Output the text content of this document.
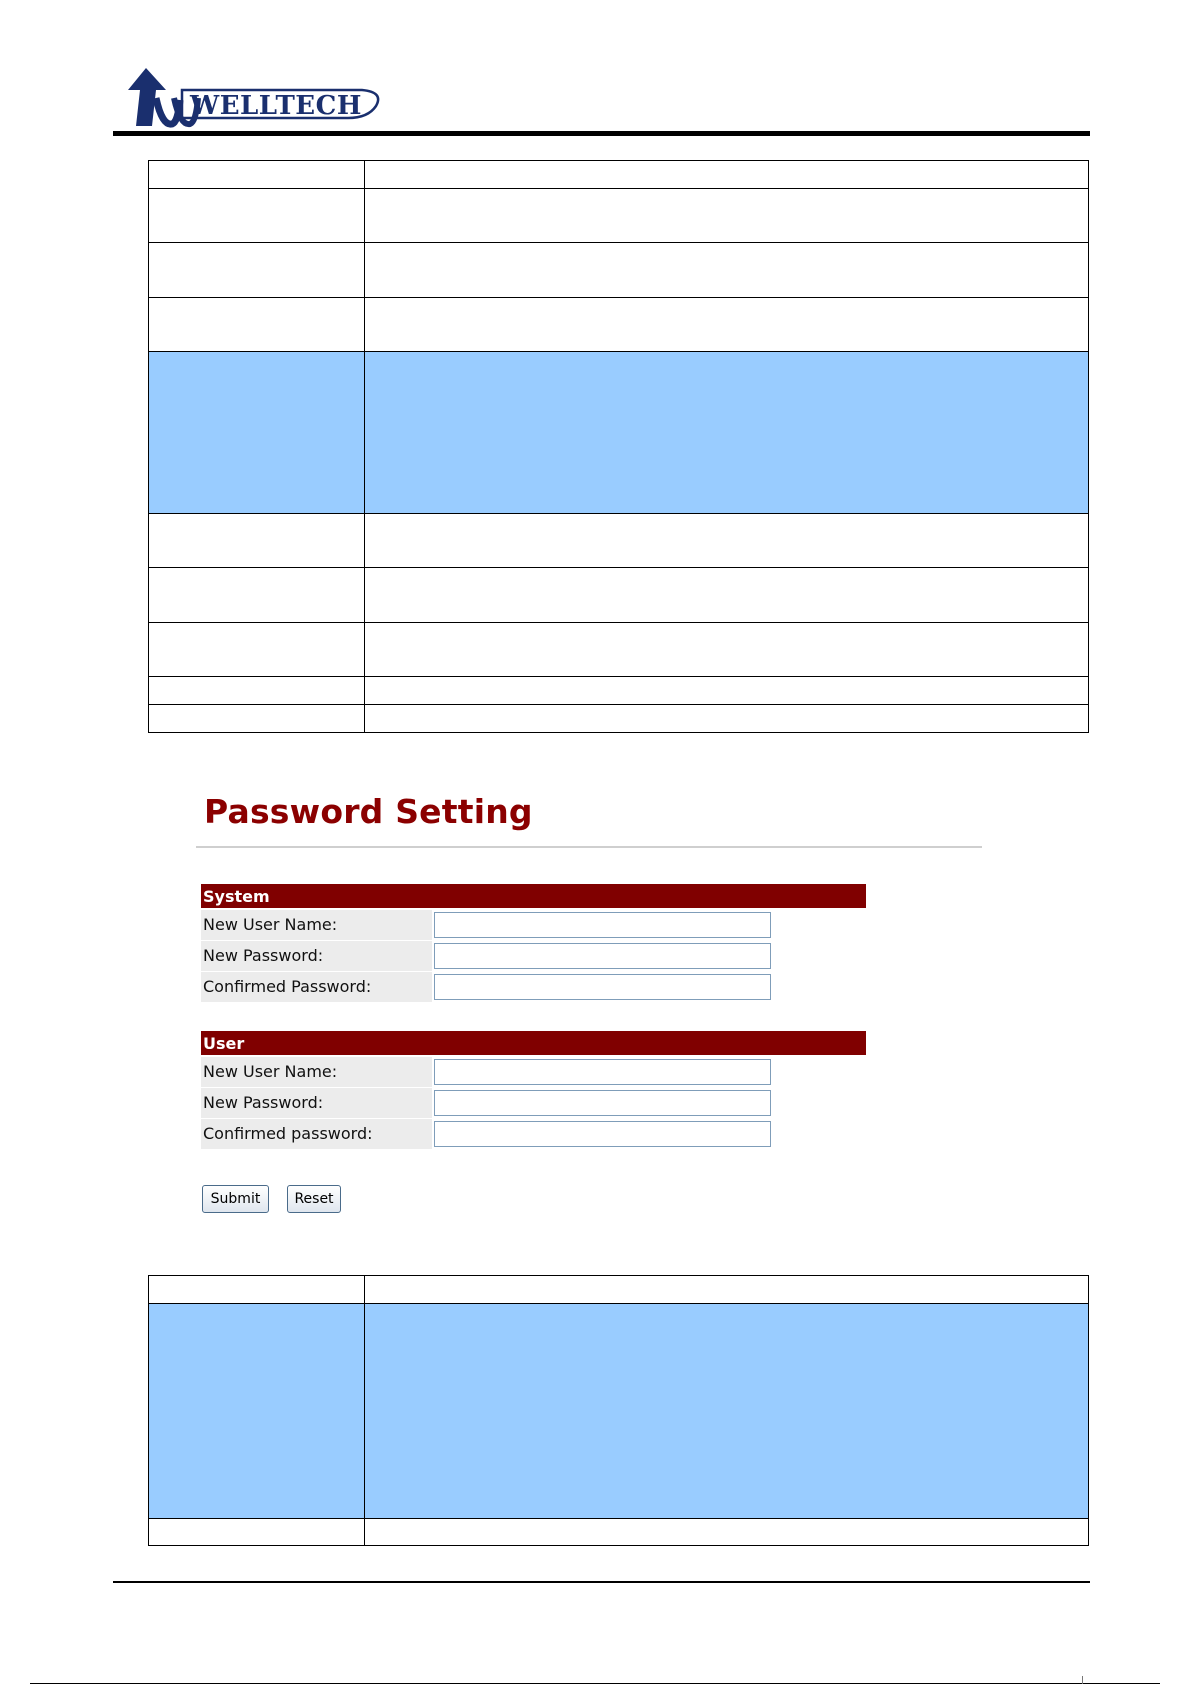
WELLTECH

Password Setting
System
New User Name:
New Password:
Confirmed Password:
User
New User Name:
New Password:
Confirmed password:
Submit	Reset
